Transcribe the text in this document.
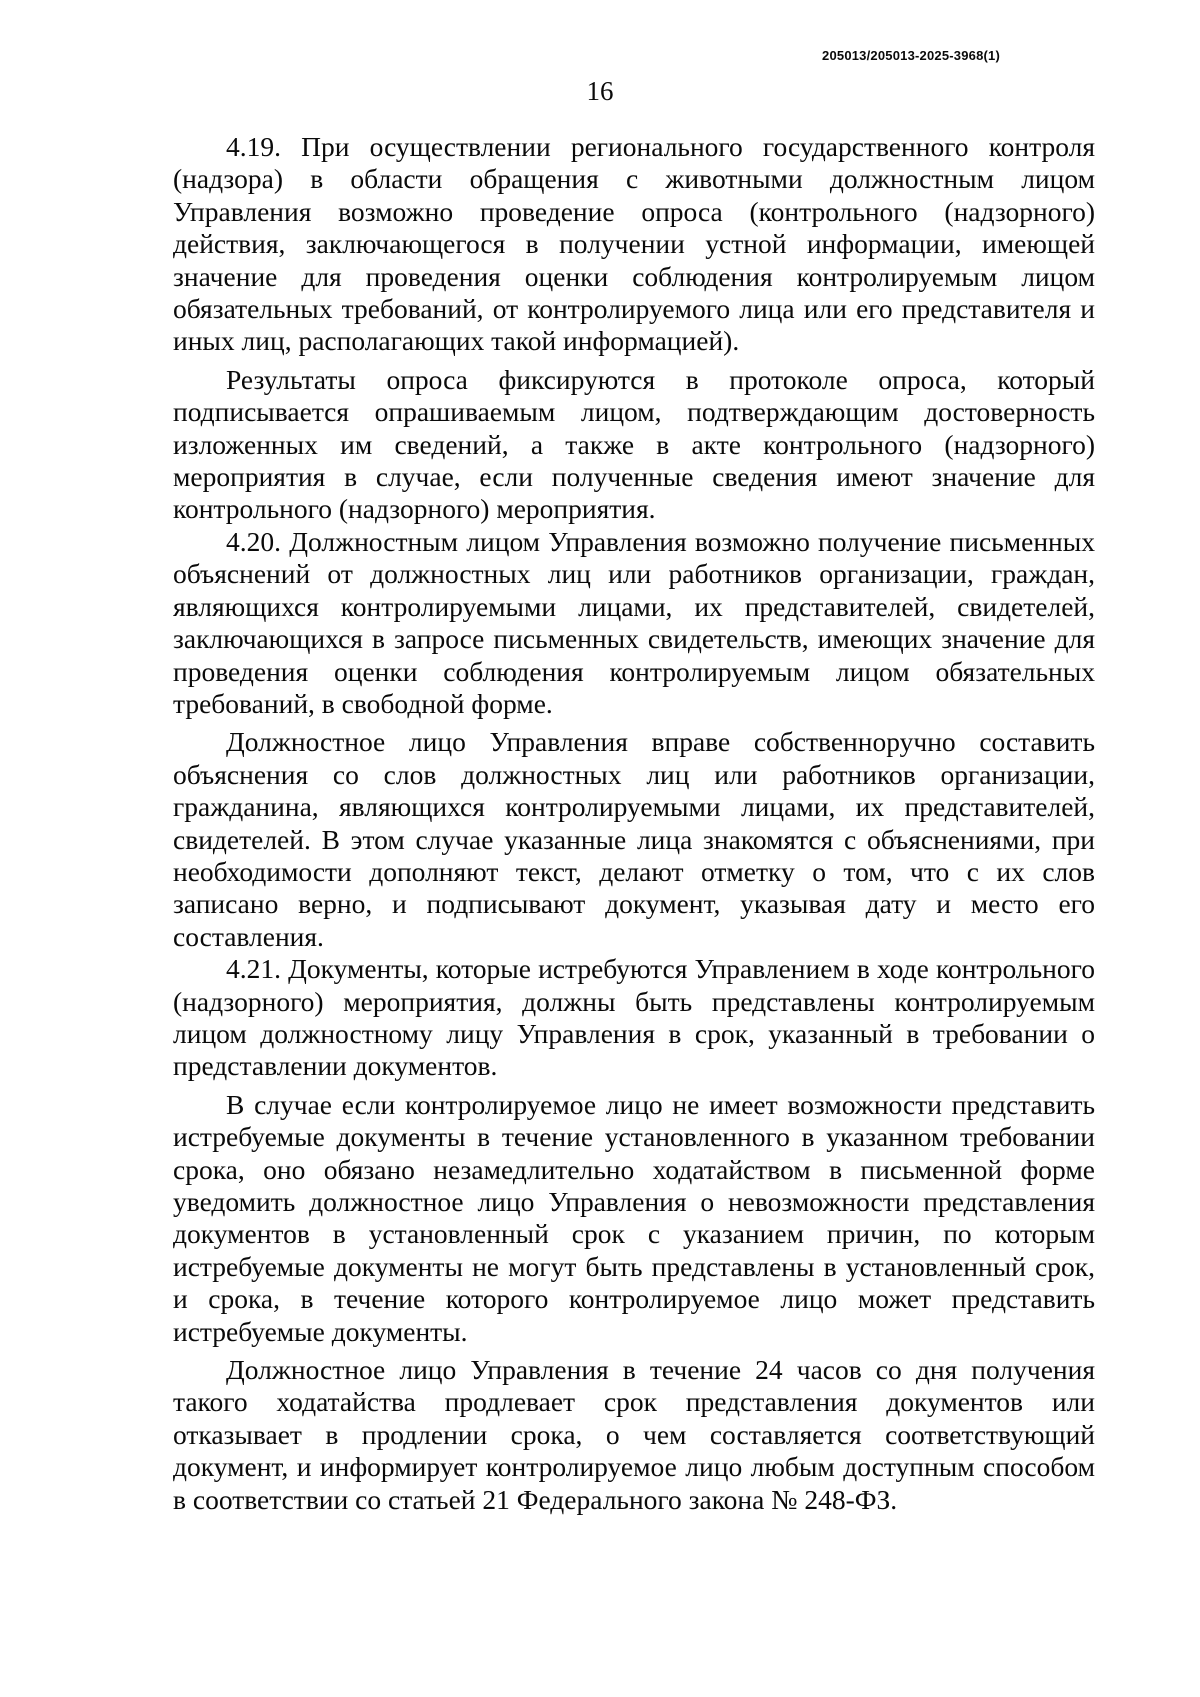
205013/205013-2025-3968(1)
16

4.19. При осуществлении регионального государственного контроля (надзора) в области обращения с животными должностным лицом Управления возможно проведение опроса (контрольного (надзорного) действия, заключающегося в получении устной информации, имеющей значение для проведения оценки соблюдения контролируемым лицом обязательных требований, от контролируемого лица или его представителя и иных лиц, располагающих такой информацией).

Результаты опроса фиксируются в протоколе опроса, который подписывается опрашиваемым лицом, подтверждающим достоверность изложенных им сведений, а также в акте контрольного (надзорного) мероприятия в случае, если полученные сведения имеют значение для контрольного (надзорного) мероприятия.

4.20. Должностным лицом Управления возможно получение письменных объяснений от должностных лиц или работников организации, граждан, являющихся контролируемыми лицами, их представителей, свидетелей, заключающихся в запросе письменных свидетельств, имеющих значение для проведения оценки соблюдения контролируемым лицом обязательных требований, в свободной форме.

Должностное лицо Управления вправе собственноручно составить объяснения со слов должностных лиц или работников организации, гражданина, являющихся контролируемыми лицами, их представителей, свидетелей. В этом случае указанные лица знакомятся с объяснениями, при необходимости дополняют текст, делают отметку о том, что с их слов записано верно, и подписывают документ, указывая дату и место его составления.

4.21. Документы, которые истребуются Управлением в ходе контрольного (надзорного) мероприятия, должны быть представлены контролируемым лицом должностному лицу Управления в срок, указанный в требовании о представлении документов.

В случае если контролируемое лицо не имеет возможности представить истребуемые документы в течение установленного в указанном требовании срока, оно обязано незамедлительно ходатайством в письменной форме уведомить должностное лицо Управления о невозможности представления документов в установленный срок с указанием причин, по которым истребуемые документы не могут быть представлены в установленный срок, и срока, в течение которого контролируемое лицо может представить истребуемые документы.

Должностное лицо Управления в течение 24 часов со дня получения такого ходатайства продлевает срок представления документов или отказывает в продлении срока, о чем составляется соответствующий документ, и информирует контролируемое лицо любым доступным способом в соответствии со статьей 21 Федерального закона № 248-ФЗ.
